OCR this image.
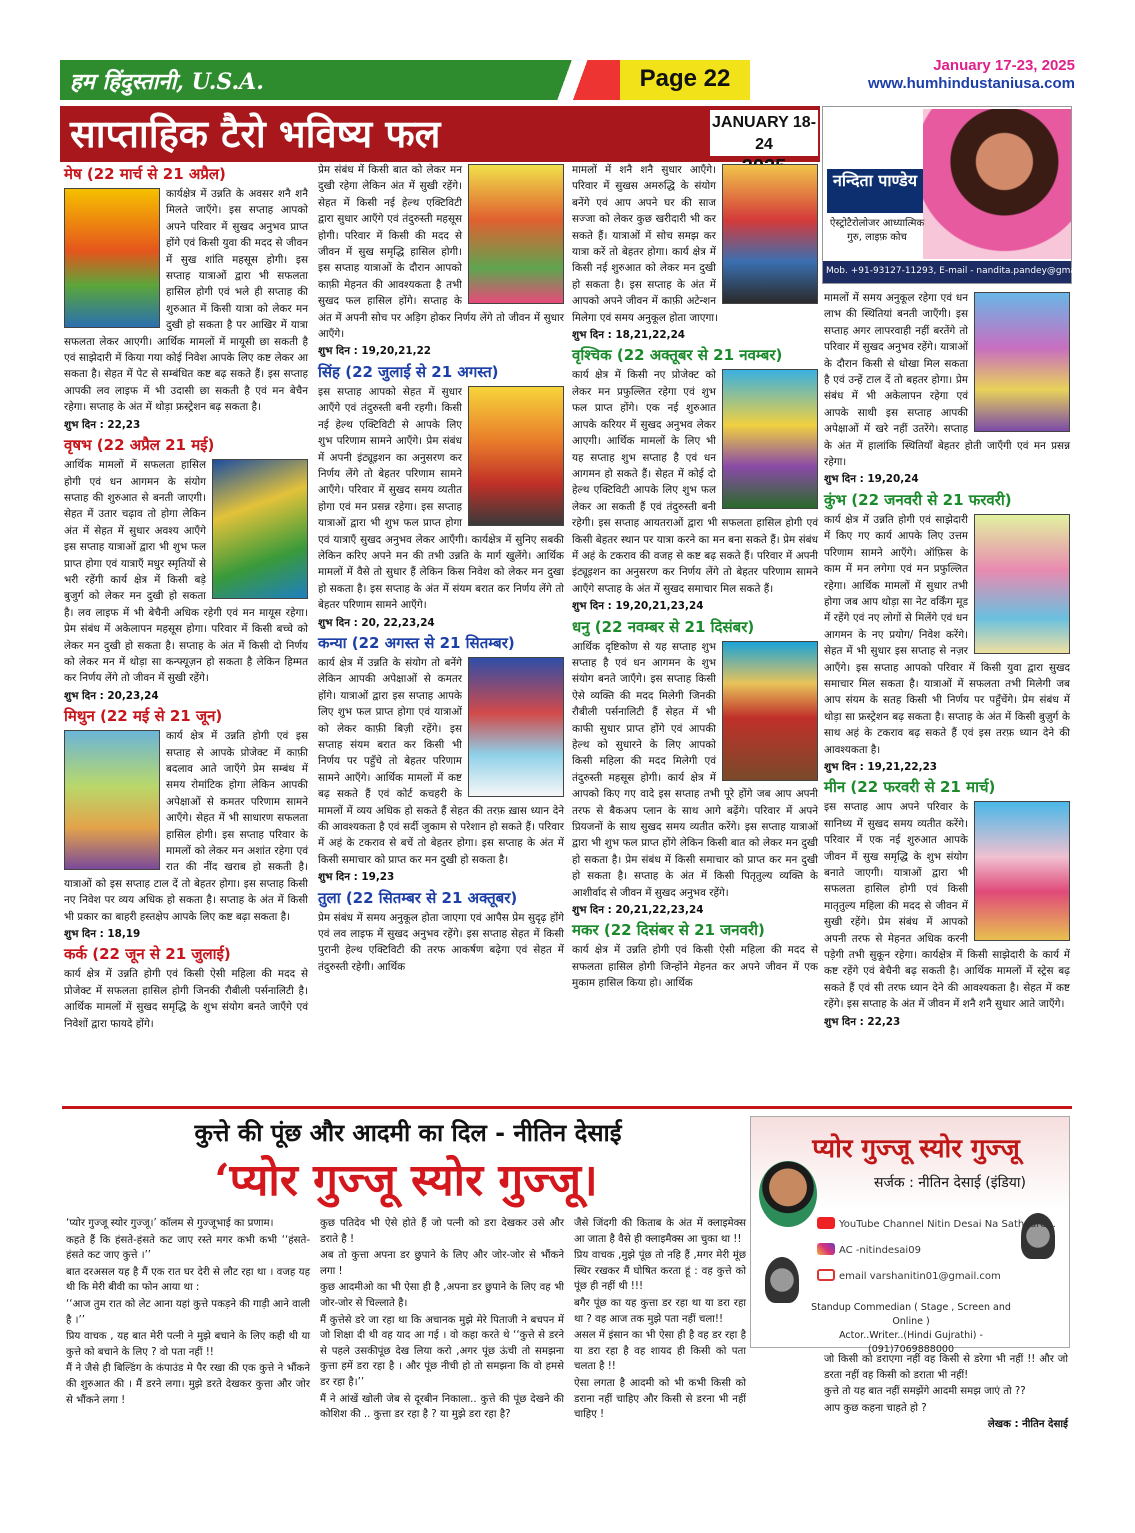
हम हिंदुस्तानी, U.S.A.	Page 22	January 17-23, 2025
www.humhindustaniusa.com
साप्ताहिक टैरो भविष्य फल	JANUARY 18-24
नन्दिता पाण्डेय
ऐस्ट्रोटैरोलोजर आध्यात्मिक गुरु, लाइफ़ कोच
Mob. +91-93127-11293, E-mail - nandita.pandey@gmail.com
मेष (22 मार्च से 21 अप्रैल)

कार्यक्षेत्र में उन्नति के अवसर शनै शनै मिलते जाएँगे। इस सप्ताह आपको अपने परिवार में सुखद अनुभव प्राप्त होंगे एवं किसी युवा की मदद से जीवन में सुख शांति महसूस होगी। इस सप्ताह यात्राओं द्वारा भी सफलता हासिल होगी एवं भले ही सप्ताह की शुरुआत में किसी यात्रा को लेकर मन दुखी हो सकता है पर आखिर में यात्रा सफलता लेकर आएगी। आर्थिक मामलों में मायूसी छा सकती है एवं साझेदारी में किया गया कोई निवेश आपके लिए कष्ट लेकर आ सकता है। सेहत में पेट से सम्बंधित कष्ट बढ़ सकते हैं। इस सप्ताह आपकी लव लाइफ में भी उदासी छा सकती है एवं मन बेचैन रहेगा। सप्ताह के अंत में थोड़ा फ्रस्ट्रेशन बढ़ सकता है।

शुभ दिन : 22,23

वृषभ (22 अप्रैल 21 मई)

आर्थिक मामलों में सफलता हासिल होगी एवं धन आगमन के संयोग सप्ताह की शुरुआत से बनती जाएगी। सेहत में उतार चढ़ाव तो होगा लेकिन अंत में सेहत में सुधार अवश्य आएँगे इस सप्ताह यात्राओं द्वारा भी शुभ फल प्राप्त होगा एवं यात्राएँ मधुर स्मृतियों से भरी रहेंगी कार्य क्षेत्र में किसी बड़े बुजुर्ग को लेकर मन दुखी हो सकता है। लव लाइफ में भी बेचैनी अधिक रहेगी एवं मन मायूस रहेगा। प्रेम संबंध में अकेलापन महसूस होगा। परिवार में किसी बच्चे को लेकर मन दुखी हो सकता है। सप्ताह के अंत में किसी दो निर्णय को लेकर मन में थोड़ा सा कन्फ्यूज़न हो सकता है लेकिन हिम्मत कर निर्णय लेंगे तो जीवन में सुखी रहेंगे।

शुभ दिन : 20,23,24

मिथुन (22 मई से 21 जून)

कार्य क्षेत्र में उन्नति होगी एवं इस सप्ताह से आपके प्रोजेक्ट में काफ़ी बदलाव आते जाएँगे प्रेम सम्बंध में समय रोमांटिक होगा लेकिन आपकी अपेक्षाओं से कमतर परिणाम सामने आएँगे। सेहत में भी साधारण सफलता हासिल होगी। इस सप्ताह परिवार के मामलों को लेकर मन अशांत रहेगा एवं रात की नींद खराब हो सकती है। यात्राओं को इस सप्ताह टाल दें तो बेहतर होगा। इस सप्ताह किसी नए निवेश पर व्यय अधिक हो सकता है। सप्ताह के अंत में किसी भी प्रकार का बाहरी हस्तक्षेप आपके लिए कष्ट बढ़ा सकता है।

शुभ दिन : 18,19

कर्क (22 जून से 21 जुलाई)

कार्य क्षेत्र में उन्नति होगी एवं किसी ऐसी महिला की मदद से प्रोजेक्ट में सफलता हासिल होगी जिनकी रौबीली पर्सनालिटी है। आर्थिक मामलों में सुखद समृद्धि के शुभ संयोग बनते जाएँगे एवं निवेशों द्वारा फायदे होंगे।

प्रेम संबंध में किसी बात को लेकर मन दुखी रहेगा लेकिन अंत में सुखी रहेंगे। सेहत में किसी नई हेल्थ एक्टिविटी द्वारा सुधार आएँगे एवं तंदुरुस्ती महसूस होगी। परिवार में किसी की मदद से जीवन में सुख समृद्धि हासिल होगी। इस सप्ताह यात्राओं के दौरान आपको काफ़ी मेहनत की आवश्यकता है तभी सुखद फल हासिल होंगे। सप्ताह के अंत में अपनी सोच पर अड़िग होकर निर्णय लेंगे तो जीवन में सुधार आएँगे।

शुभ दिन : 19,20,21,22

सिंह (22 जुलाई से 21 अगस्त)

इस सप्ताह आपको सेहत में सुधार आएँगे एवं तंदुरुस्ती बनी रहगी। किसी नई हेल्थ एक्टिविटी से आपके लिए शुभ परिणाम सामने आएँगे। प्रेम संबंध में अपनी इंट्यूइशन का अनुसरण कर निर्णय लेंगे तो बेहतर परिणाम सामने आएँगे। परिवार में सुखद समय व्यतीत होगा एवं मन प्रसन्न रहेगा। इस सप्ताह यात्राओं द्वारा भी शुभ फल प्राप्त होगा एवं यात्राएँ सुखद अनुभव लेकर आएँगी। कार्यक्षेत्र में सुनिए सबकी लेकिन करिए अपने मन की तभी उन्नति के मार्ग खुलेंगे। आर्थिक मामलों में वैसे तो सुधार हैं लेकिन किस निवेश को लेकर मन दुखा हो सकता है। इस सप्ताह के अंत में संयम बरात कर निर्णय लेंगे तो बेहतर परिणाम सामने आएँगे।

शुभ दिन : 20, 22,23,24

कन्या (22 अगस्त से 21 सितम्बर)

कार्य क्षेत्र में उन्नति के संयोग तो बनेंगे लेकिन आपकी अपेक्षाओं से कमतर होंगे। यात्राओं द्वारा इस सप्ताह आपके लिए शुभ फल प्राप्त होगा एवं यात्राओं को लेकर काफ़ी बिज़ी रहेंगे। इस सप्ताह संयम बरात कर किसी भी निर्णय पर पहुँचे तो बेहतर परिणाम सामने आएँगे। आर्थिक मामलों में कष्ट बढ़ सकते हैं एवं कोर्ट कचहरी के मामलों में व्यय अधिक हो सकते हैं सेहत की तरफ़ ख़ास ध्यान देने की आवश्यकता है एवं सर्दी जुकाम से परेशान हो सकते हैं। परिवार में अहं के टकराव से बचें तो बेहतर होगा। इस सप्ताह के अंत में किसी समाचार को प्राप्त कर मन दुखी हो सकता है।

शुभ दिन : 19,23

तुला (22 सितम्बर से 21 अक्तूबर)

प्रेम संबंध में समय अनुकूल होता जाएगा एवं आपैस प्रेम सुदृढ़ होंगे एवं लव लाइफ में सुखद अनुभव रहेंगे। इस सप्ताह सेहत में किसी पुरानी हेल्थ एक्टिविटी की तरफ आकर्षण बढ़ेगा एवं सेहत में तंदुरुस्ती रहेगी। आर्थिक

मामलों में शनै शनै सुधार आएँगे। परिवार में सुखस अमरुद्धि के संयोग बनेंगे एवं आप अपने घर की साज सज्जा को लेकर कुछ खरीदारी भी कर सकते हैं। यात्राओं में सोच समझ कर यात्रा करें तो बेहतर होगा। कार्य क्षेत्र में किसी नई शुरुआत को लेकर मन दुखी हो सकता है। इस सप्ताह के अंत में आपको अपने जीवन में काफ़ी अटेन्शन मिलेगा एवं समय अनुकूल होता जाएगा।

शुभ दिन : 18,21,22,24

वृश्चिक (22 अक्तूबर से 21 नवम्बर)

कार्य क्षेत्र में किसी नए प्रोजेक्ट को लेकर मन प्रफुल्लित रहेगा एवं शुभ फल प्राप्त होंगे। एक नई शुरुआत आपके करियर में सुखद अनुभव लेकर आएगी। आर्थिक मामलों के लिए भी यह सप्ताह शुभ सप्ताह है एवं धन आगमन हो सकते हैं। सेहत में कोई दो हेल्थ एक्टिविटी आपके लिए शुभ फल लेकर आ सकती हैं एवं तंदुरुस्ती बनी रहेगी। इस सप्ताह आयतराओं द्वारा भी सफलता हासिल होगी एवं किसी बेहतर स्थान पर यात्रा करने का मन बना सकते हैं। प्रेम संबंध में अहं के टकराव की वजह से कष्ट बढ़ सकते हैं। परिवार में अपनी इंट्यूइशन का अनुसरण कर निर्णय लेंगे तो बेहतर परिणाम सामने आएँगे सप्ताह के अंत में सुखद समाचार मिल सकते हैं।

शुभ दिन : 19,20,21,23,24

धनु (22 नवम्बर से 21 दिसंबर)

आर्थिक दृष्टिकोण से यह सप्ताह शुभ सप्ताह है एवं धन आगमन के शुभ संयोग बनते जाएँगे। इस सप्ताह किसी ऐसे व्यक्ति की मदद मिलेगी जिनकी रौबीली पर्सनालिटी हैं सेहत में भी काफी सुधार प्राप्त होंगे एवं आपकी हेल्थ को सुधारने के लिए आपको किसी महिला की मदद मिलेगी एवं तंदुरुस्ती महसूस होगी। कार्य क्षेत्र में आपको किए गए वादे इस सप्ताह तभी पूरे होंगे जब आप अपनी तरफ से बैकअप प्लान के साथ आगे बढ़ेंगे। परिवार में अपने प्रियजनों के साथ सुखद समय व्यतीत करेंगे। इस सप्ताह यात्राओं द्वारा भी शुभ फल प्राप्त होंगे लेकिन किसी बात को लेकर मन दुखी हो सकता है। प्रेम संबंध में किसी समाचार को प्राप्त कर मन दुखी हो सकता है। सप्ताह के अंत में किसी पितृतुल्य व्यक्ति के आशीर्वाद से जीवन में सुखद अनुभव रहेंगे।

शुभ दिन : 20,21,22,23,24

मकर (22 दिसंबर से 21 जनवरी)

कार्य क्षेत्र में उन्नति होगी एवं किसी ऐसी महिला की मदद से सफलता हासिल होगी जिन्होंने मेहनत कर अपने जीवन में एक मुकाम हासिल किया हो। आर्थिक

मामलों में समय अनुकूल रहेगा एवं धन लाभ की स्थितियां बनती जाएँगी। इस सप्ताह अगर लापरवाही नहीं बरतेंगे तो परिवार में सुखद अनुभव रहेंगे। यात्राओं के दौरान किसी से धोखा मिल सकता है एवं उन्हें टाल दें तो बहतर होगा। प्रेम संबंध में भी अकेलापन रहेगा एवं आपके साथी इस सप्ताह आपकी अपेक्षाओं में खरे नहीं उतरेंगे। सप्ताह के अंत में हालांकि स्थितियाँ बेहतर होती जाएँगी एवं मन प्रसन्न रहेगा।

शुभ दिन : 19,20,24

कुंभ (22 जनवरी से 21 फरवरी)

कार्य क्षेत्र में उन्नति होगी एवं साझेदारी में किए गए कार्य आपके लिए उत्तम परिणाम सामने आएँगे। ऑफ़िस के काम में मन लगेगा एवं मन प्रफुल्लित रहेगा। आर्थिक मामलों में सुधार तभी होगा जब आप थोड़ा सा नेट वर्किंग मूड में रहेंगे एवं नए लोगों से मिलेंगे एवं धन आगमन के नए प्रयोग/ निवेश करेंगे। सेहत में भी सुधार इस सप्ताह से नज़र आएँगे। इस सप्ताह आपको परिवार में किसी युवा द्वारा सुखद समाचार मिल सकता है। यात्राओं में सफलता तभी मिलेगी जब आप संयम के सतह किसी भी निर्णय पर पहुँचेंगे। प्रेम संबंध में थोड़ा सा फ्रस्ट्रेशन बढ़ सकता है। सप्ताह के अंत में किसी बुज़ुर्ग के साथ अहं के टकराव बढ़ सकते हैं एवं इस तरफ़ ध्यान देने की आवश्यकता है।

शुभ दिन : 19,21,22,23

मीन (22 फरवरी से 21 मार्च)

इस सप्ताह आप अपने परिवार के सानिध्य में सुखद समय व्यतीत करेंगे। परिवार में एक नई शुरुआत आपके जीवन में सुख समृद्धि के शुभ संयोग बनाते जाएगी। यात्राओं द्वारा भी सफलता हासिल होगी एवं किसी मातृतुल्य महिला की मदद से जीवन में सुखी रहेंगे। प्रेम संबंध में आपको अपनी तरफ से मेहनत अधिक करनी पड़ेगी तभी सुकून रहेगा। कार्यक्षेत्र में किसी साझेदारी के कार्य में कष्ट रहेंगे एवं बेचैनी बढ़ सकती है। आर्थिक मामलों में स्ट्रेस बढ़ सकते हैं एवं सी तरफ ध्यान देने की आवश्यकता है। सेहत में कष्ट रहेंगे। इस सप्ताह के अंत में जीवन में शनै शनै सुधार आते जाएँगे।

शुभ दिन : 22,23

कुत्ते की पूंछ और आदमी का दिल - नीतिन देसाई
‘प्योर गुज्जू स्योर गुज्जू।

‘प्योर गुज्जू स्योर गुज्जू।’ कॉलम से गुज्जूभाई का प्रणाम।

कहते हैं कि हंसते-हंसते कट जाए रस्ते मगर कभी कभी ‘‘हंसते-हंसते कट जाए कुत्ते ।’’

बात दरअसल यह है मैं एक रात घर देरी से लौट रहा था । वजह यह थी कि मेरी बीवी का फोन आया था :

‘‘आज तुम रात को लेट आना यहां कुत्ते पकड़ने की गाड़ी आने वाली है ।’’

प्रिय वाचक , यह बात मेरी पत्नी ने मुझे बचाने के लिए कही थी या कुत्ते को बचाने के लिए ? वो पता नहीं !!

मैं ने जैसे ही बिल्डिंग के कंपाउंड मे पैर रखा की एक कुत्ते ने भौंकने की शुरुआत की । मैं डरने लगा। मुझे डरते देखकर कुत्ता और जोर से भौंकने लगा !

कुछ पतिदेव भी ऐसे होते हैं जो पत्नी को डरा देखकर उसे और डराते है !

अब तो कुत्ता अपना डर छुपाने के लिए और जोर-जोर से भौंकने लगा !

कुछ आदमीओ का भी ऐसा ही है ,अपना डर छुपाने के लिए वह भी जोर-जोर से चिल्लाते है।

मैं कुत्तेसे डरे जा रहा था कि अचानक मुझे मेरे पिताजी ने बचपन में जो शिक्षा दी थी वह याद आ गई । वो कहा करते थे ‘‘कुत्ते से डरने से पहले उसकीपूंछ देख लिया करो ,अगर पूंछ ऊंची तो समझना कुत्ता हमें डरा रहा है । और पूंछ नीची हो तो समझना कि वो हमसे डर रहा है।’’

मैं ने आंखें खोली जेब से दूरबीन निकाला.. कुत्ते की पूंछ देखने की कोशिश की .. कुत्ता डर रहा है ? या मुझे डरा रहा है?

जैसे जिंदगी की किताब के अंत में क्लाइमेक्स आ जाता है वैसे ही क्लाइमैक्स आ चुका था !!

प्रिय वाचक ,मुझे पूंछ तो नहि हैं ,मगर मेरी मूंछ स्थिर रखकर मैं घोषित करता हूं : वह कुत्ते को पूंछ ही नहीं थी !!!

बगैर पूंछ का यह कुत्ता डर रहा था या डरा रहा था ? वह आज तक मुझे पता नहीं चला!!

असल में इंसान का भी ऐसा ही है वह डर रहा है या डरा रहा है वह शायद ही किसी को पता चलता है !!

ऐसा लगता है आदमी को भी कभी किसी को डराना नहीं चाहिए और किसी से डरना भी नहीं चाहिए !

जो किसी को डराएगा नहीं वह किसी से डरेगा भी नहीं !! और जो डरता नहीं वह किसी को डराता भी नहीं!

कुत्ते तो यह बात नहीं समझेंगे आदमी समझ जाएं तो ??

आप कुछ कहना चाहते हो ?

लेखक : नीतिन देसाई

प्योर गुज्जू स्योर गुज्जू
सर्जक : नीतिन देसाई (इंडिया)
YouTube Channel Nitin Desai Na Sathvare ..
AC -nitindesai09
email varshanitin01@gmail.com
Standup Commedian ( Stage , Screen and Online )
Actor..Writer..(Hindi Gujrathi) - (091)7069888000
